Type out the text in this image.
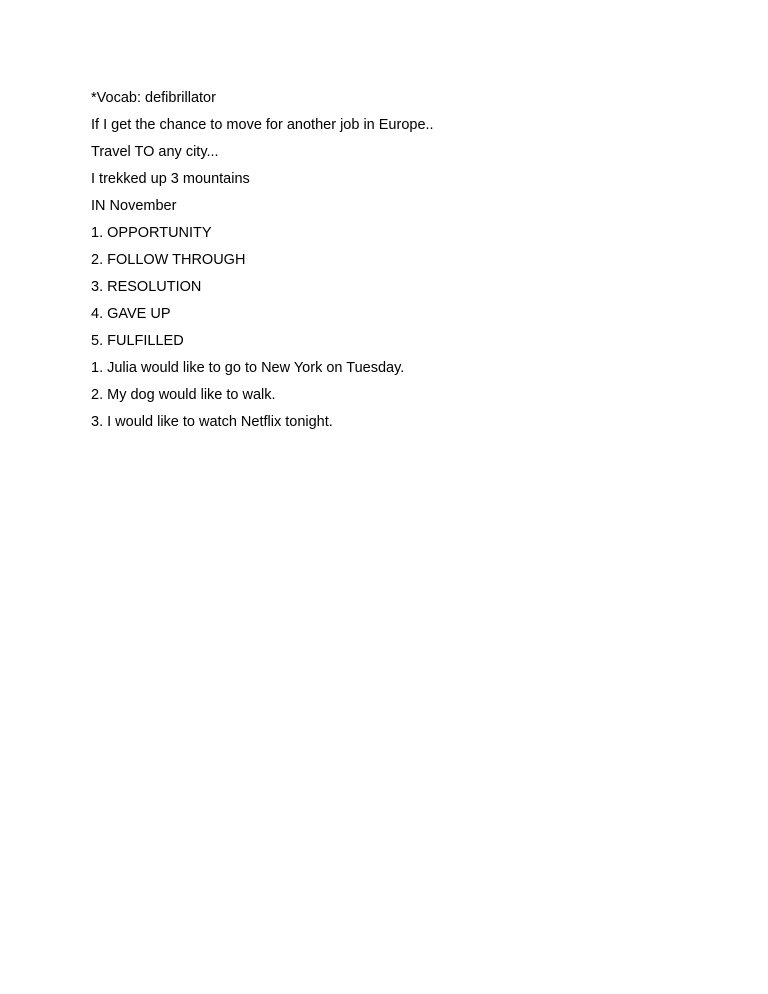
*Vocab: defibrillator

If I get the chance to move for another job in Europe..

Travel TO any city...

I trekked up 3 mountains

IN November

1. OPPORTUNITY

2. FOLLOW THROUGH

3. RESOLUTION

4. GAVE UP

5. FULFILLED

1. Julia would like to go to New York on Tuesday.

2. My dog would like to walk.

3. I would like to watch Netflix tonight.
